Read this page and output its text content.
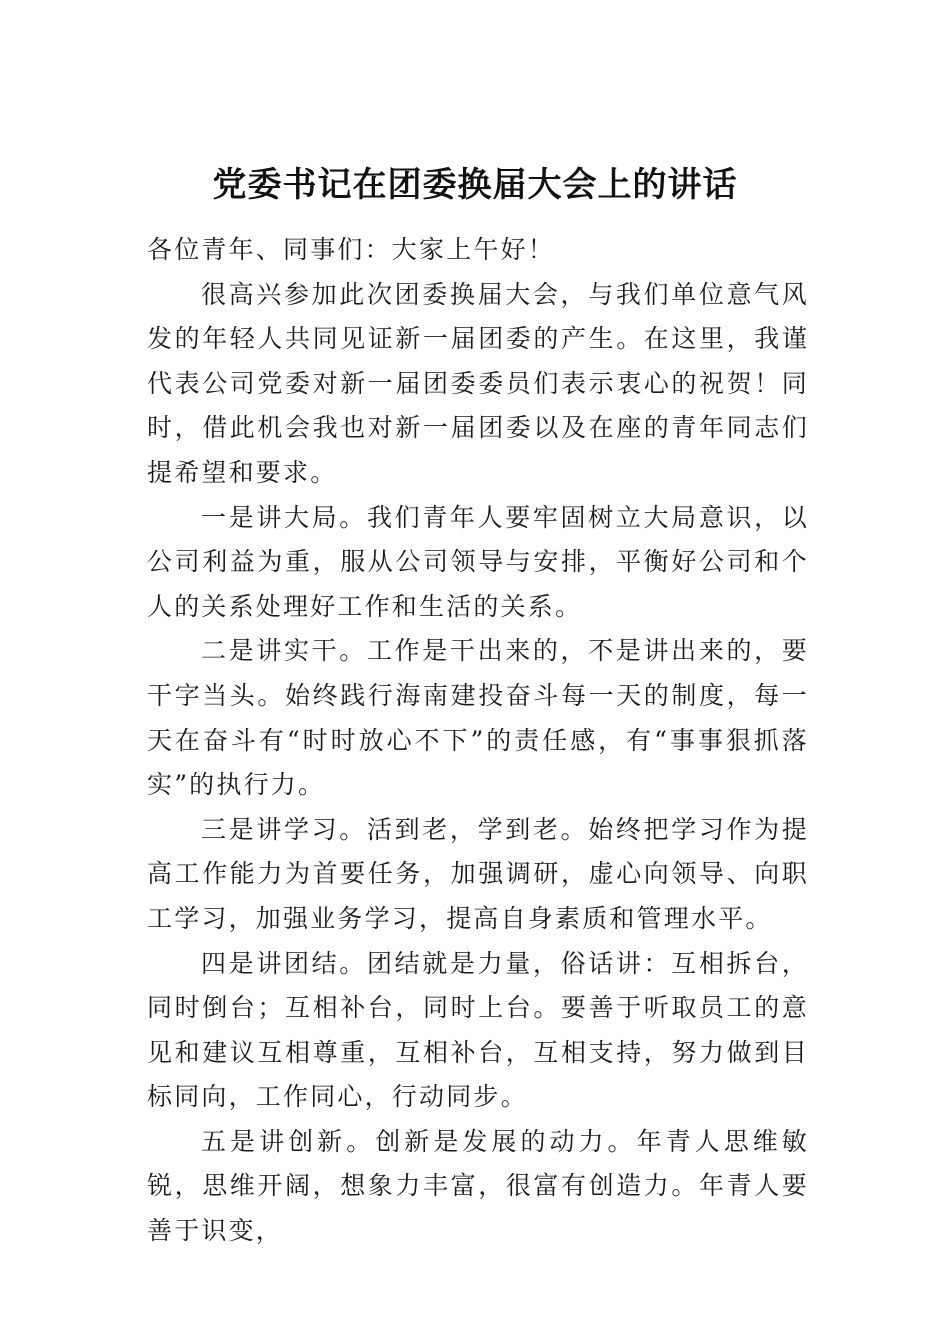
党委书记在团委换届大会上的讲话

各位青年、同事们：大家上午好！

很高兴参加此次团委换届大会，与我们单位意气风发的年轻人共同见证新一届团委的产生。在这里，我谨代表公司党委对新一届团委委员们表示衷心的祝贺！同时，借此机会我也对新一届团委以及在座的青年同志们提希望和要求。

一是讲大局。我们青年人要牢固树立大局意识，以公司利益为重，服从公司领导与安排，平衡好公司和个人的关系处理好工作和生活的关系。

二是讲实干。工作是干出来的，不是讲出来的，要干字当头。始终践行海南建投奋斗每一天的制度，每一天在奋斗有“时时放心不下”的责任感，有“事事狠抓落实”的执行力。

三是讲学习。活到老，学到老。始终把学习作为提高工作能力为首要任务，加强调研，虚心向领导、向职工学习，加强业务学习，提高自身素质和管理水平。

四是讲团结。团结就是力量，俗话讲：互相拆台，同时倒台；互相补台，同时上台。要善于听取员工的意见和建议互相尊重，互相补台，互相支持，努力做到目标同向，工作同心，行动同步。

五是讲创新。创新是发展的动力。年青人思维敏锐，思维开阔，想象力丰富，很富有创造力。年青人要善于识变，
